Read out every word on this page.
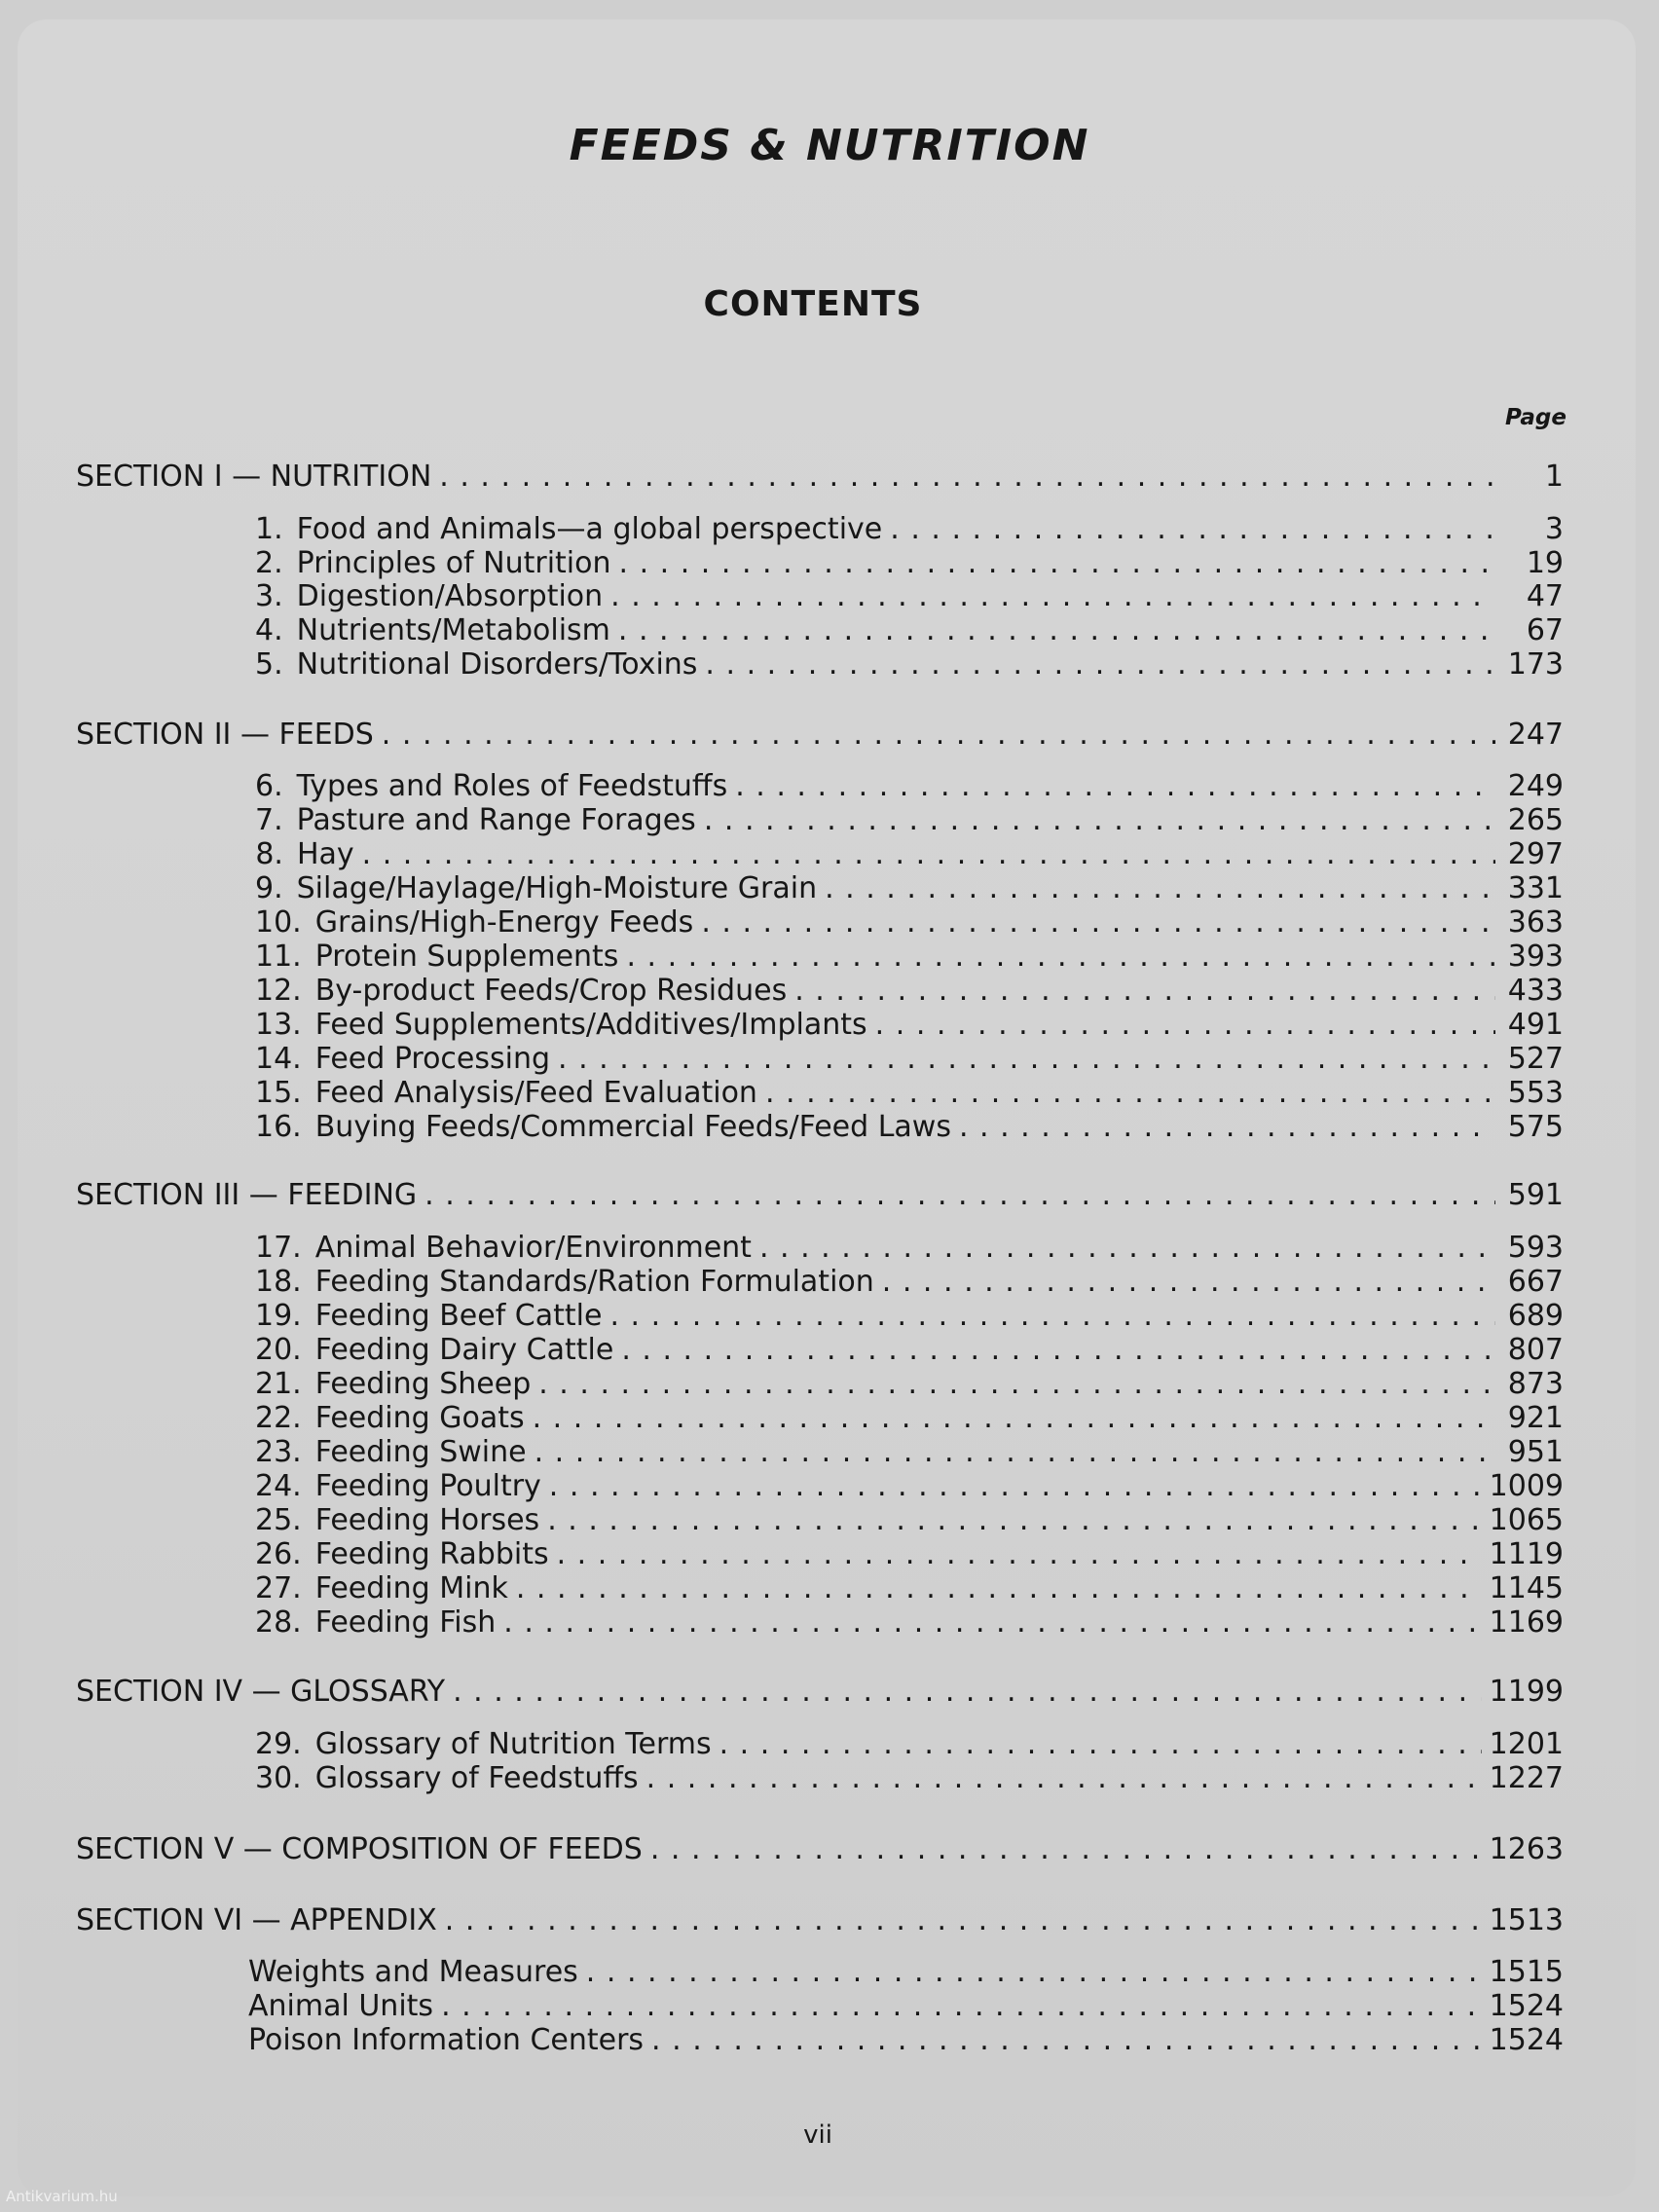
FEEDS & NUTRITION
CONTENTS
Page
SECTION I — NUTRITION . . .	1
1. Food and Animals—a global perspective . . .	3
2. Principles of Nutrition . . .	19
3. Digestion/Absorption . . .	47
4. Nutrients/Metabolism . . .	67
5. Nutritional Disorders/Toxins . . .	173
SECTION II — FEEDS . . .	247
6. Types and Roles of Feedstuffs . . .	249
7. Pasture and Range Forages . . .	265
8. Hay . . .	297
9. Silage/Haylage/High-Moisture Grain . . .	331
10. Grains/High-Energy Feeds . . .	363
11. Protein Supplements . . .	393
12. By-product Feeds/Crop Residues . . .	433
13. Feed Supplements/Additives/Implants . . .	491
14. Feed Processing . . .	527
15. Feed Analysis/Feed Evaluation . . .	553
16. Buying Feeds/Commercial Feeds/Feed Laws . . .	575
SECTION III — FEEDING . . .	591
17. Animal Behavior/Environment . . .	593
18. Feeding Standards/Ration Formulation . . .	667
19. Feeding Beef Cattle . . .	689
20. Feeding Dairy Cattle . . .	807
21. Feeding Sheep . . .	873
22. Feeding Goats . . .	921
23. Feeding Swine . . .	951
24. Feeding Poultry . . .	1009
25. Feeding Horses . . .	1065
26. Feeding Rabbits . . .	1119
27. Feeding Mink . . .	1145
28. Feeding Fish . . .	1169
SECTION IV — GLOSSARY . . .	1199
29. Glossary of Nutrition Terms . . .	1201
30. Glossary of Feedstuffs . . .	1227
SECTION V — COMPOSITION OF FEEDS . . .	1263
SECTION VI — APPENDIX . . .	1513
Weights and Measures . . .	1515
Animal Units . . .	1524
Poison Information Centers . . .	1524
vii
Antikvarium.hu
